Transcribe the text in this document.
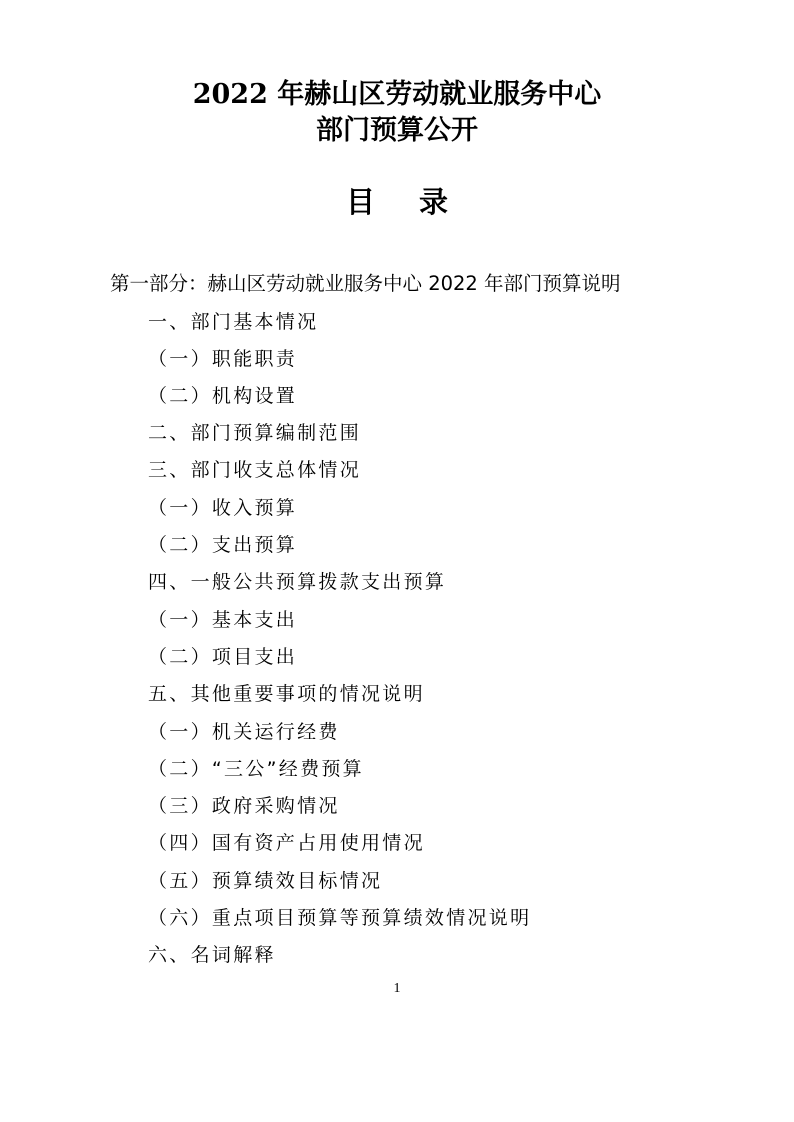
2022 年赫山区劳动就业服务中心
部门预算公开
目录

第一部分：赫山区劳动就业服务中心 2022 年部门预算说明

一、部门基本情况
（一）职能职责
（二）机构设置
二、部门预算编制范围
三、部门收支总体情况
（一）收入预算
（二）支出预算
四、一般公共预算拨款支出预算
（一）基本支出
（二）项目支出
五、其他重要事项的情况说明
（一）机关运行经费
（二）“三公”经费预算
（三）政府采购情况
（四）国有资产占用使用情况
（五）预算绩效目标情况
（六）重点项目预算等预算绩效情况说明
六、名词解释
1
